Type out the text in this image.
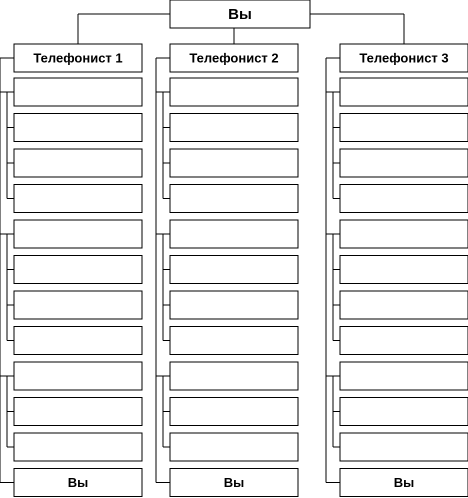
Вы
Телефонист 1
Вы
Телефонист 2
Вы
Телефонист 3
Вы
